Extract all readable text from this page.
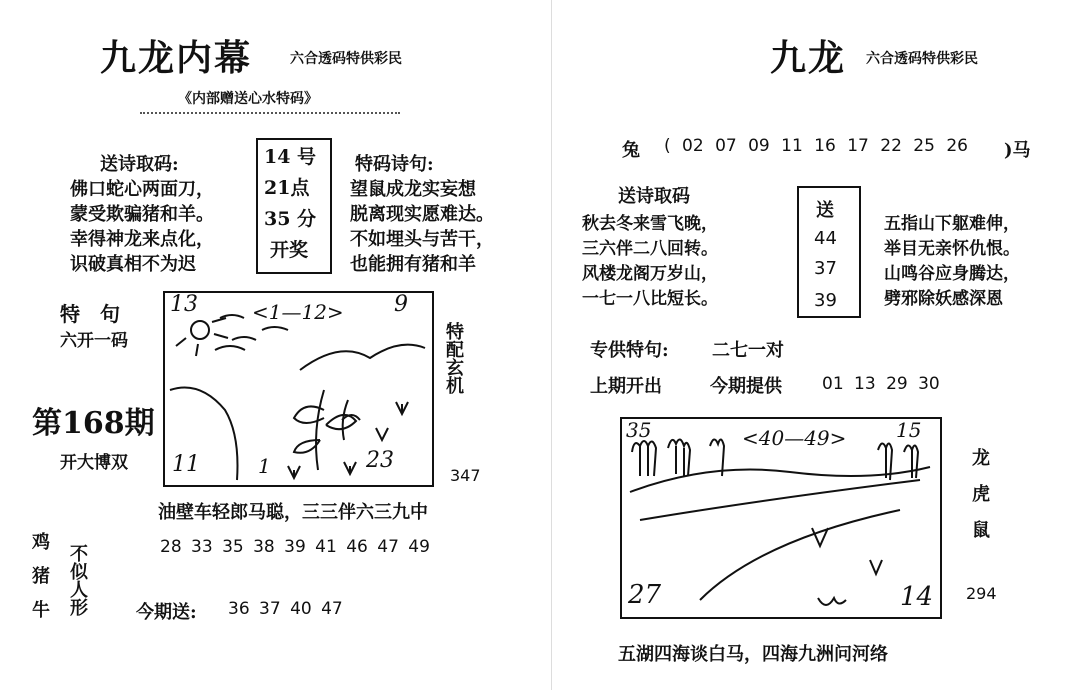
九龙内幕	六合透码特供彩民
《内部赠送心水特码》
送诗取码:
佛口蛇心两面刀，
蒙受欺骗猪和羊。
幸得神龙来点化，
识破真相不为迟
14 号
21点
35 分
开奖
特码诗句:
望鼠成龙实妄想
脱离现实愿难达。
不如埋头与苦干，
也能拥有猪和羊
特　句
六开一码
第168期
开大博双
13	<1—12> 9
11	1	23
特配玄机
347
油壁车轻郎马聪，三三伴六三九中
28 33 35 38 39 41 46 47 49
鸡猪牛 不似人形	今期送: 36 37 40 47
九龙 六合透码特供彩民
兔 ( 02 07 09 11 16 17 22 25 26 )马
送诗取码
秋去冬来雪飞晚，
三六伴二八回转。
风楼龙阁万岁山，
一七一八比短长。
送
44
37
39
五指山下躯难伸，
举目无亲怀仇恨。
山鸣谷应身腾达，
劈邪除妖感深恩
专供特句: 二七一对
上期开出	今期提供 01 13 29 30
35	<40—49> 15
27	14
龙虎鼠
294
五湖四海谈白马，四海九洲问河络
